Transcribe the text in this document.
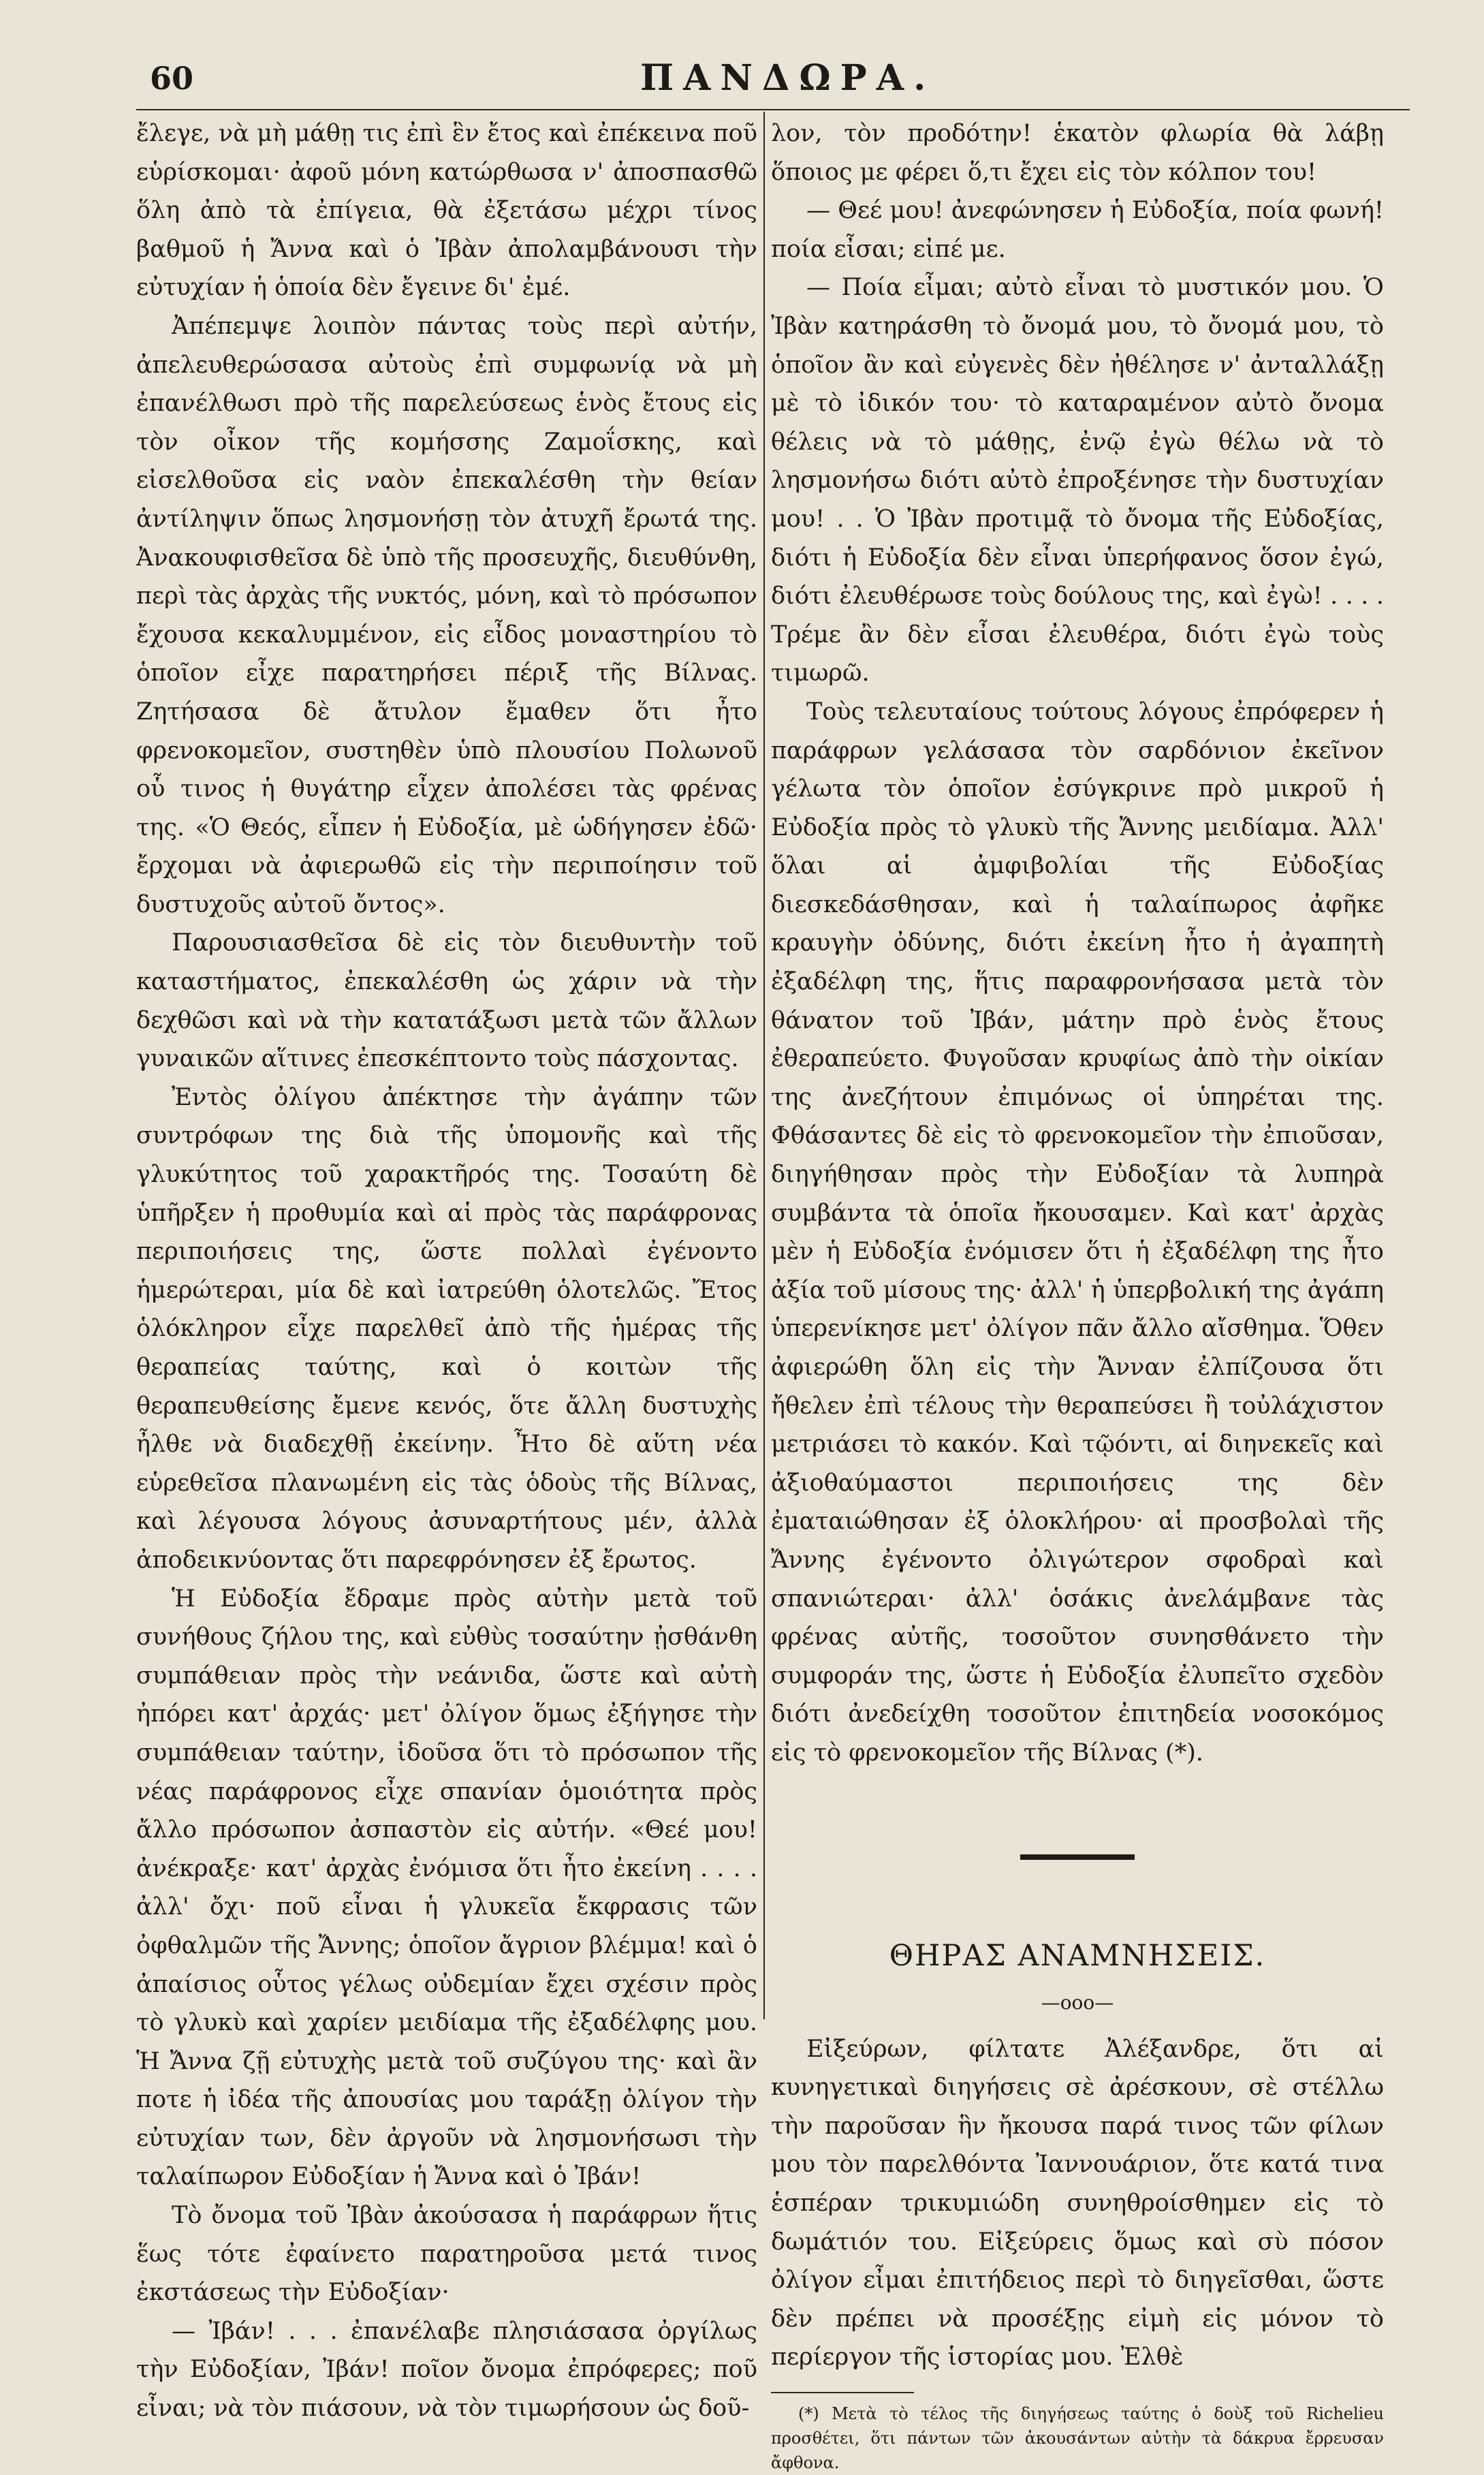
60	ΠΑΝΔΩΡΑ.

ἔλεγε, νὰ μὴ μάθῃ τις ἐπὶ ἓν ἔτος καὶ ἐπέκεινα ποῦ εὑρίσκομαι· ἀφοῦ μόνη κατώρθωσα ν' ἀποσπασθῶ ὅλη ἀπὸ τὰ ἐπίγεια, θὰ ἐξετάσω μέχρι τίνος βαθμοῦ ἡ Ἄννα καὶ ὁ Ἰβὰν ἀπολαμβάνουσι τὴν εὐτυχίαν ἡ ὁποία δὲν ἔγεινε δι' ἐμέ.

Ἀπέπεμψε λοιπὸν πάντας τοὺς περὶ αὐτήν, ἀπελευθερώσασα αὐτοὺς ἐπὶ συμφωνίᾳ νὰ μὴ ἐπανέλθωσι πρὸ τῆς παρελεύσεως ἑνὸς ἔτους εἰς τὸν οἶκον τῆς κομήσσης Ζαμοΐσκης, καὶ εἰσελθοῦσα εἰς ναὸν ἐπεκαλέσθη τὴν θείαν ἀντίληψιν ὅπως λησμονήσῃ τὸν ἀτυχῆ ἔρωτά της. Ἀνακουφισθεῖσα δὲ ὑπὸ τῆς προσευχῆς, διευθύνθη, περὶ τὰς ἀρχὰς τῆς νυκτός, μόνη, καὶ τὸ πρόσωπον ἔχουσα κεκαλυμμένον, εἰς εἶδος μοναστηρίου τὸ ὁποῖον εἶχε παρατηρήσει πέριξ τῆς Βίλνας. Ζητήσασα δὲ ἄτυλον ἔμαθεν ὅτι ἦτο φρενοκομεῖον, συστηθὲν ὑπὸ πλουσίου Πολωνοῦ οὗ τινος ἡ θυγάτηρ εἶχεν ἀπολέσει τὰς φρένας της. «Ὁ Θεός, εἶπεν ἡ Εὐδοξία, μὲ ὡδήγησεν ἐδῶ· ἔρχομαι νὰ ἀφιερωθῶ εἰς τὴν περιποίησιν τοῦ δυστυχοῦς αὐτοῦ ὄντος».

Παρουσιασθεῖσα δὲ εἰς τὸν διευθυντὴν τοῦ καταστήματος, ἐπεκαλέσθη ὡς χάριν νὰ τὴν δεχθῶσι καὶ νὰ τὴν κατατάξωσι μετὰ τῶν ἄλλων γυναικῶν αἵτινες ἐπεσκέπτοντο τοὺς πάσχοντας.

Ἐντὸς ὀλίγου ἀπέκτησε τὴν ἀγάπην τῶν συντρόφων της διὰ τῆς ὑπομονῆς καὶ τῆς γλυκύτητος τοῦ χαρακτῆρός της. Τοσαύτη δὲ ὑπῆρξεν ἡ προθυμία καὶ αἱ πρὸς τὰς παράφρονας περιποιήσεις της, ὥστε πολλαὶ ἐγένοντο ἡμερώτεραι, μία δὲ καὶ ἰατρεύθη ὁλοτελῶς. Ἔτος ὁλόκληρον εἶχε παρελθεῖ ἀπὸ τῆς ἡμέρας τῆς θεραπείας ταύτης, καὶ ὁ κοιτὼν τῆς θεραπευθείσης ἔμενε κενός, ὅτε ἄλλη δυστυχὴς ἦλθε νὰ διαδεχθῇ ἐκείνην. Ἦτο δὲ αὕτη νέα εὑρεθεῖσα πλανωμένη εἰς τὰς ὁδοὺς τῆς Βίλνας, καὶ λέγουσα λόγους ἀσυναρτήτους μέν, ἀλλὰ ἀποδεικνύοντας ὅτι παρεφρόνησεν ἐξ ἔρωτος.

Ἡ Εὐδοξία ἔδραμε πρὸς αὐτὴν μετὰ τοῦ συνήθους ζήλου της, καὶ εὐθὺς τοσαύτην ᾐσθάνθη συμπάθειαν πρὸς τὴν νεάνιδα, ὥστε καὶ αὐτὴ ἠπόρει κατ' ἀρχάς· μετ' ὀλίγον ὅμως ἐξήγησε τὴν συμπάθειαν ταύτην, ἰδοῦσα ὅτι τὸ πρόσωπον τῆς νέας παράφρονος εἶχε σπανίαν ὁμοιότητα πρὸς ἄλλο πρόσωπον ἀσπαστὸν εἰς αὐτήν. «Θεέ μου! ἀνέκραξε· κατ' ἀρχὰς ἐνόμισα ὅτι ἦτο ἐκείνη . . . . ἀλλ' ὄχι· ποῦ εἶναι ἡ γλυκεῖα ἔκφρασις τῶν ὀφθαλμῶν τῆς Ἄννης; ὁποῖον ἄγριον βλέμμα! καὶ ὁ ἀπαίσιος οὗτος γέλως οὐδεμίαν ἔχει σχέσιν πρὸς τὸ γλυκὺ καὶ χαρίεν μειδίαμα τῆς ἐξαδέλφης μου. Ἡ Ἄννα ζῇ εὐτυχὴς μετὰ τοῦ συζύγου της· καὶ ἂν ποτε ἡ ἰδέα τῆς ἀπουσίας μου ταράξῃ ὀλίγον τὴν εὐτυχίαν των, δὲν ἀργοῦν νὰ λησμονήσωσι τὴν ταλαίπωρον Εὐδοξίαν ἡ Ἄννα καὶ ὁ Ἰβάν!

Τὸ ὄνομα τοῦ Ἰβὰν ἀκούσασα ἡ παράφρων ἥτις ἕως τότε ἐφαίνετο παρατηροῦσα μετά τινος ἐκστάσεως τὴν Εὐδοξίαν·

— Ἰβάν! . . . ἐπανέλαβε πλησιάσασα ὀργίλως τὴν Εὐδοξίαν, Ἰβάν! ποῖον ὄνομα ἐπρόφερες; ποῦ εἶναι; νὰ τὸν πιάσουν, νὰ τὸν τιμωρήσουν ὡς δοῦ-

λον, τὸν προδότην! ἑκατὸν φλωρία θὰ λάβῃ ὅποιος με φέρει ὅ,τι ἔχει εἰς τὸν κόλπον του!

— Θεέ μου! ἀνεφώνησεν ἡ Εὐδοξία, ποία φωνή! ποία εἶσαι; εἰπέ με.

— Ποία εἶμαι; αὐτὸ εἶναι τὸ μυστικόν μου. Ὁ Ἰβὰν κατηράσθη τὸ ὄνομά μου, τὸ ὄνομά μου, τὸ ὁποῖον ἂν καὶ εὐγενὲς δὲν ἠθέλησε ν' ἀνταλλάξῃ μὲ τὸ ἰδικόν του· τὸ καταραμένον αὐτὸ ὄνομα θέλεις νὰ τὸ μάθῃς, ἐνῷ ἐγὼ θέλω νὰ τὸ λησμονήσω διότι αὐτὸ ἐπροξένησε τὴν δυστυχίαν μου! . . Ὁ Ἰβὰν προτιμᾷ τὸ ὄνομα τῆς Εὐδοξίας, διότι ἡ Εὐδοξία δὲν εἶναι ὑπερήφανος ὅσον ἐγώ, διότι ἐλευθέρωσε τοὺς δούλους της, καὶ ἐγὼ! . . . . Τρέμε ἂν δὲν εἶσαι ἐλευθέρα, διότι ἐγὼ τοὺς τιμωρῶ.

Τοὺς τελευταίους τούτους λόγους ἐπρόφερεν ἡ παράφρων γελάσασα τὸν σαρδόνιον ἐκεῖνον γέλωτα τὸν ὁποῖον ἐσύγκρινε πρὸ μικροῦ ἡ Εὐδοξία πρὸς τὸ γλυκὺ τῆς Ἄννης μειδίαμα. Ἀλλ' ὅλαι αἱ ἀμφιβολίαι τῆς Εὐδοξίας διεσκεδάσθησαν, καὶ ἡ ταλαίπωρος ἀφῆκε κραυγὴν ὀδύνης, διότι ἐκείνη ἦτο ἡ ἀγαπητὴ ἐξαδέλφη της, ἥτις παραφρονήσασα μετὰ τὸν θάνατον τοῦ Ἰβάν, μάτην πρὸ ἑνὸς ἔτους ἐθεραπεύετο. Φυγοῦσαν κρυφίως ἀπὸ τὴν οἰκίαν της ἀνεζήτουν ἐπιμόνως οἱ ὑπηρέται της. Φθάσαντες δὲ εἰς τὸ φρενοκομεῖον τὴν ἐπιοῦσαν, διηγήθησαν πρὸς τὴν Εὐδοξίαν τὰ λυπηρὰ συμβάντα τὰ ὁποῖα ἤκουσαμεν. Καὶ κατ' ἀρχὰς μὲν ἡ Εὐδοξία ἐνόμισεν ὅτι ἡ ἐξαδέλφη της ἦτο ἀξία τοῦ μίσους της· ἀλλ' ἡ ὑπερβολική της ἀγάπη ὑπερενίκησε μετ' ὀλίγον πᾶν ἄλλο αἴσθημα. Ὅθεν ἀφιερώθη ὅλη εἰς τὴν Ἄνναν ἐλπίζουσα ὅτι ἤθελεν ἐπὶ τέλους τὴν θεραπεύσει ἢ τοὐλάχιστον μετριάσει τὸ κακόν. Καὶ τῷόντι, αἱ διηνεκεῖς καὶ ἀξιοθαύμαστοι περιποιήσεις της δὲν ἐματαιώθησαν ἐξ ὁλοκλήρου· αἱ προσβολαὶ τῆς Ἄννης ἐγένοντο ὀλιγώτερον σφοδραὶ καὶ σπανιώτεραι· ἀλλ' ὁσάκις ἀνελάμβανε τὰς φρένας αὐτῆς, τοσοῦτον συνησθάνετο τὴν συμφοράν της, ὥστε ἡ Εὐδοξία ἐλυπεῖτο σχεδὸν διότι ἀνεδείχθη τοσοῦτον ἐπιτηδεία νοσοκόμος εἰς τὸ φρενοκομεῖον τῆς Βίλνας (*).

ΘΗΡΑΣ ΑΝΑΜΝΗΣΕΙΣ.
—ooo—

Εἰξεύρων, φίλτατε Ἀλέξανδρε, ὅτι αἱ κυνηγετικαὶ διηγήσεις σὲ ἀρέσκουν, σὲ στέλλω τὴν παροῦσαν ἣν ἤκουσα παρά τινος τῶν φίλων μου τὸν παρελθόντα Ἰαννουάριον, ὅτε κατά τινα ἑσπέραν τρικυμιώδη συνηθροίσθημεν εἰς τὸ δωμάτιόν του. Εἰξεύρεις ὅμως καὶ σὺ πόσον ὀλίγον εἶμαι ἐπιτήδειος περὶ τὸ διηγεῖσθαι, ὥστε δὲν πρέπει νὰ προσέξῃς εἰμὴ εἰς μόνον τὸ περίεργον τῆς ἱστορίας μου. Ἐλθὲ

(*) Μετὰ τὸ τέλος τῆς διηγήσεως ταύτης ὁ δοὺξ τοῦ Richelieu προσθέτει, ὅτι πάντων τῶν ἀκουσάντων αὐτὴν τὰ δάκρυα ἔρρευσαν ἄφθονα.
